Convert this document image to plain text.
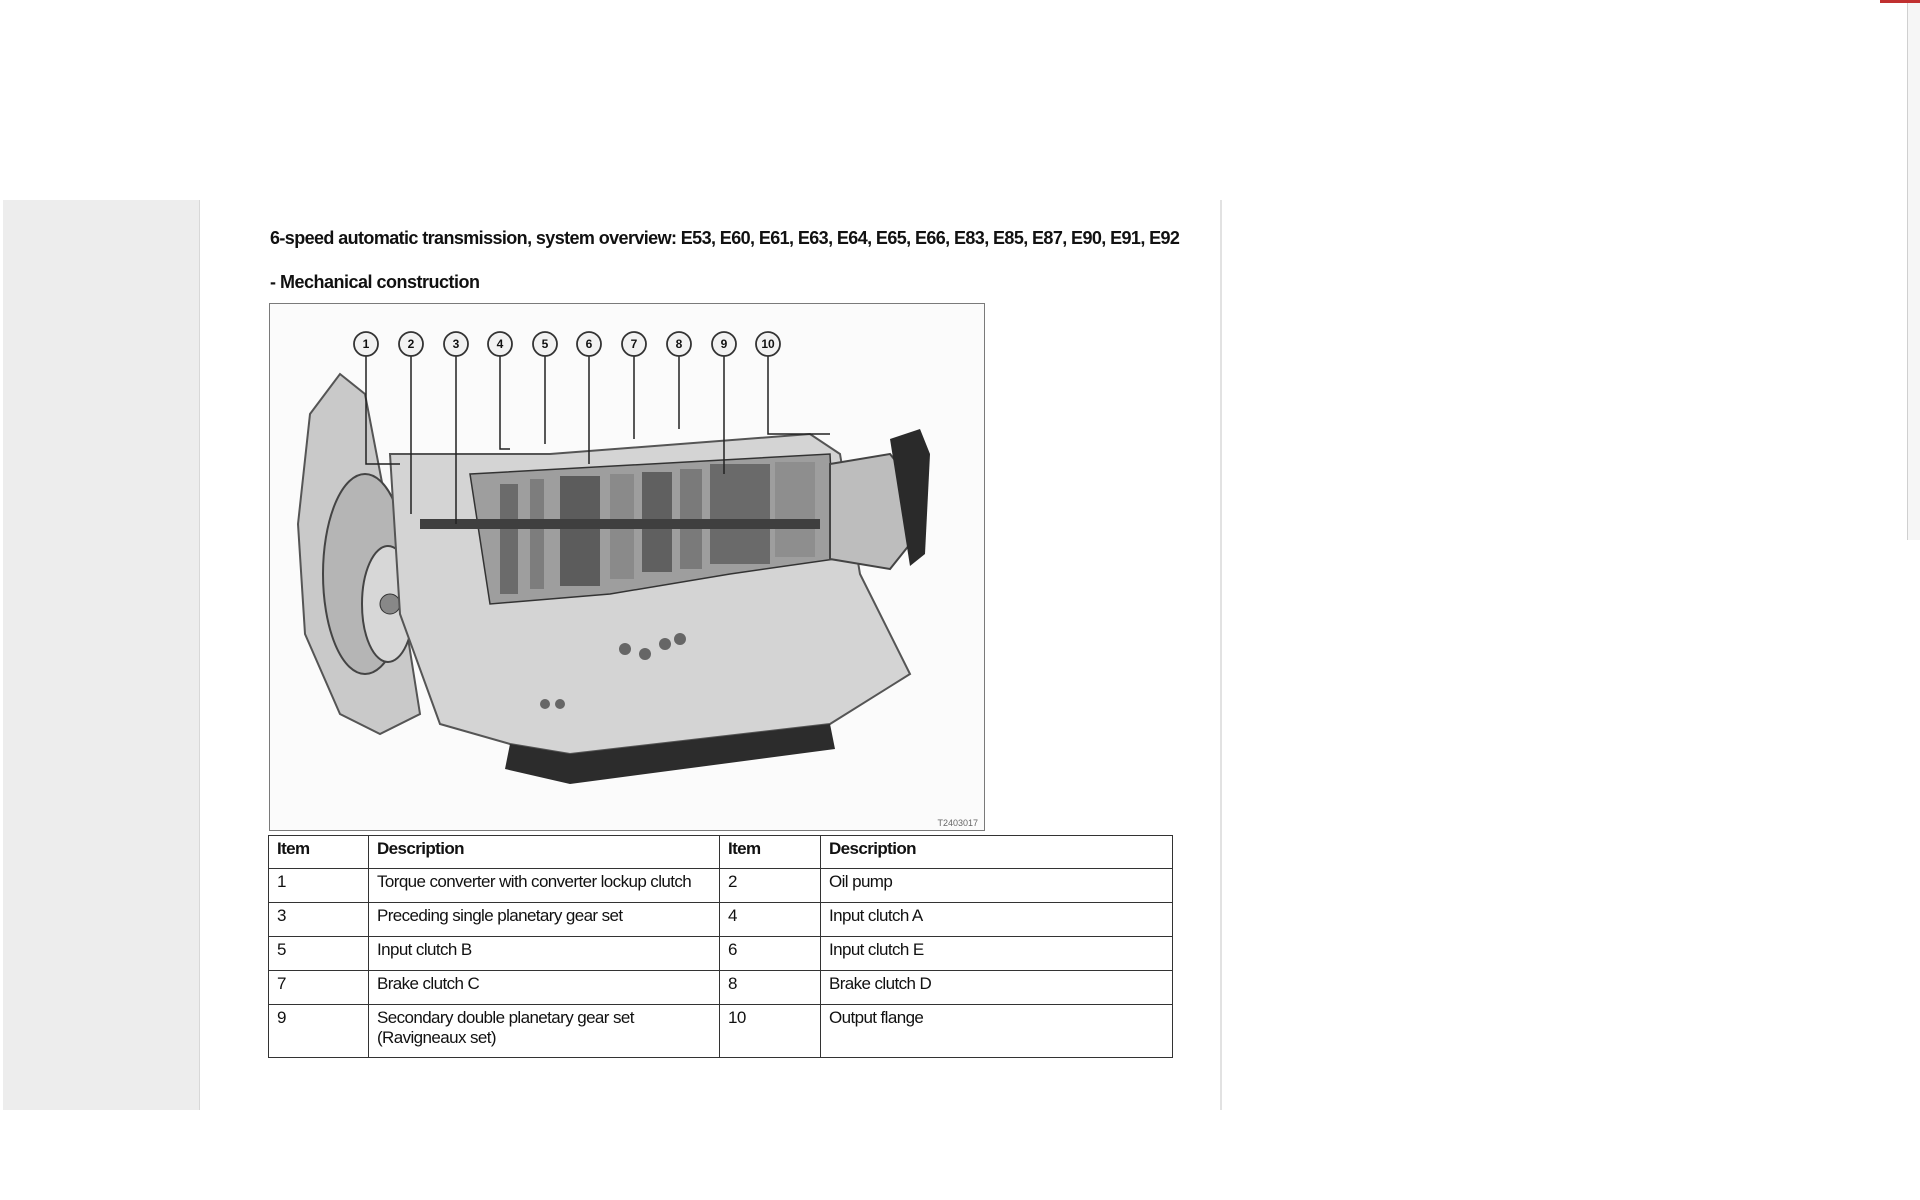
6-speed automatic transmission, system overview: E53, E60, E61, E63, E64, E65, E66, E83, E85, E87, E90, E91, E92
- Mechanical construction
1	2	3	4	5	6	7	8	9	10
T2403017
Item	Description	Item	Description
1	Torque converter with converter lockup clutch	2	Oil pump
3	Preceding single planetary gear set	4	Input clutch A
5	Input clutch B	6	Input clutch E
7	Brake clutch C	8	Brake clutch D
9	Secondary double planetary gear set (Ravigneaux set)	10	Output flange
